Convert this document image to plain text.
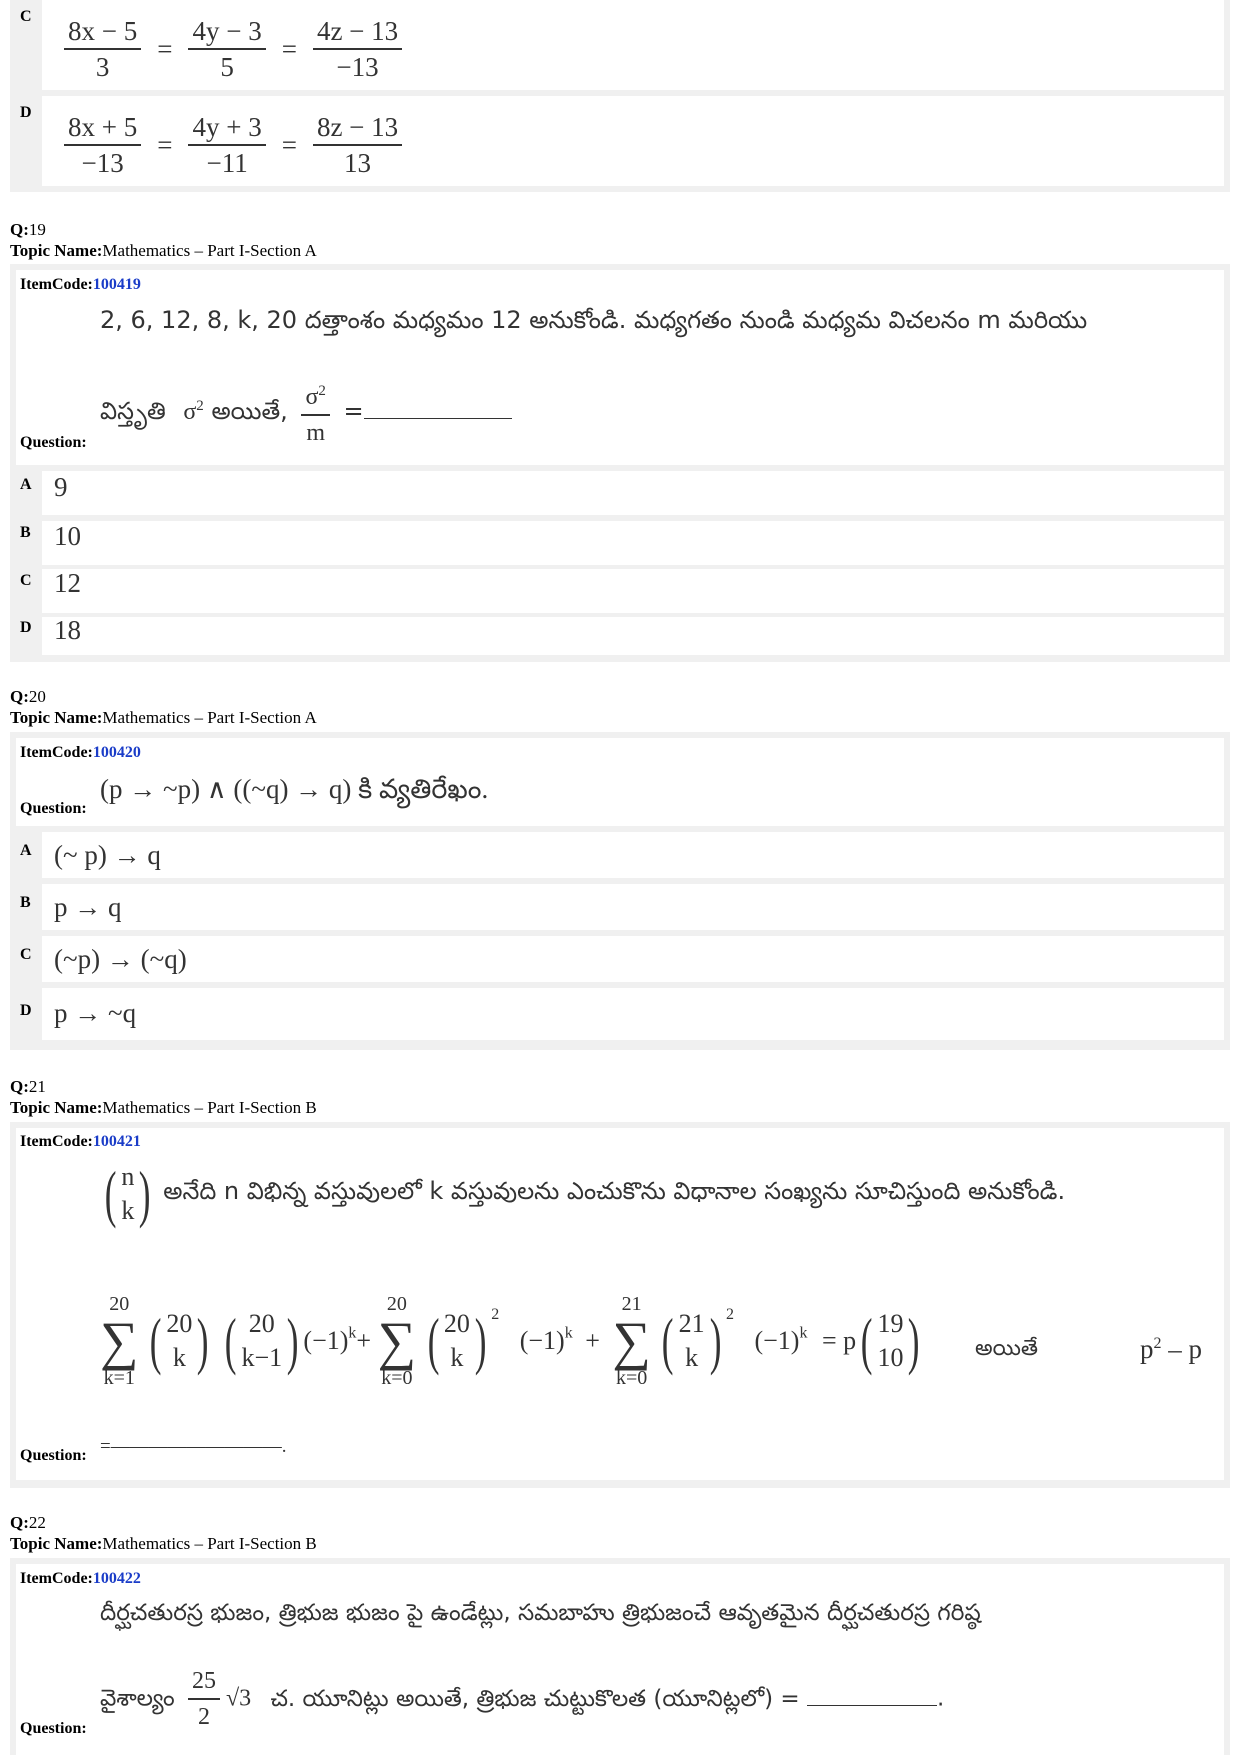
C $\frac{8x - 5}{3} = \frac{4y - 3}{5} = \frac{4z - 13}{-13}$
D $\frac{8x + 5}{-13} = \frac{4y + 3}{-11} = \frac{8z - 13}{13}$
Q:19
Topic Name:Mathematics – Part I-Section A
ItemCode:100419
2, 6, 12, 8, k, 20 దత్తాంశం మధ్యమం 12 అనుకోండి. మధ్యగతం నుండి మధ్యమ విచలనం m మరియు
విస్తృతి $\sigma^2$ అయితే, $\frac{\sigma^2}{m}$ =
Question:
A 9
B 10
C 12
D 18
Q:20
Topic Name:Mathematics – Part I-Section A
ItemCode:100420
Question:
(p → ~p) ∧ ((~q) → q) కి వ్యతిరేఖం.
A (~ p) → q
B p → q
C (~p) → (~q)
D p → ~q
Q:21
Topic Name:Mathematics – Part I-Section B
ItemCode:100421
( n
k ) అనేది n విభిన్న వస్తువులలో k వస్తువులను ఎంచుకొను విధానాల సంఖ్యను సూచిస్తుంది అనుకోండి.
20
∑
k=1

( 20
k )
( 20
k−1 ) $(-1)^k+$
20
∑
k=0

( 20
k ) $^2$ $(-1)^k$ +
21
∑
k=0

( 21
k ) $^2$ $(-1)^k = p$ ( 19
10 )	అయితే	$p^2$ – p
Question: =—————————.
Q:22
Topic Name:Mathematics – Part I-Section B
ItemCode:100422
దీర్ఘచతురస్ర భుజం, త్రిభుజ భుజం పై ఉండేట్లు, సమబాహు త్రిభుజంచే ఆవృతమైన దీర్ఘచతురస్ర గరిష్ఠ
వైశాల్యం $\frac{25}{2} √3$ చ. యూనిట్లు అయితే, త్రిభుజ చుట్టుకొలత (యూనిట్లలో) =	.
Question:
